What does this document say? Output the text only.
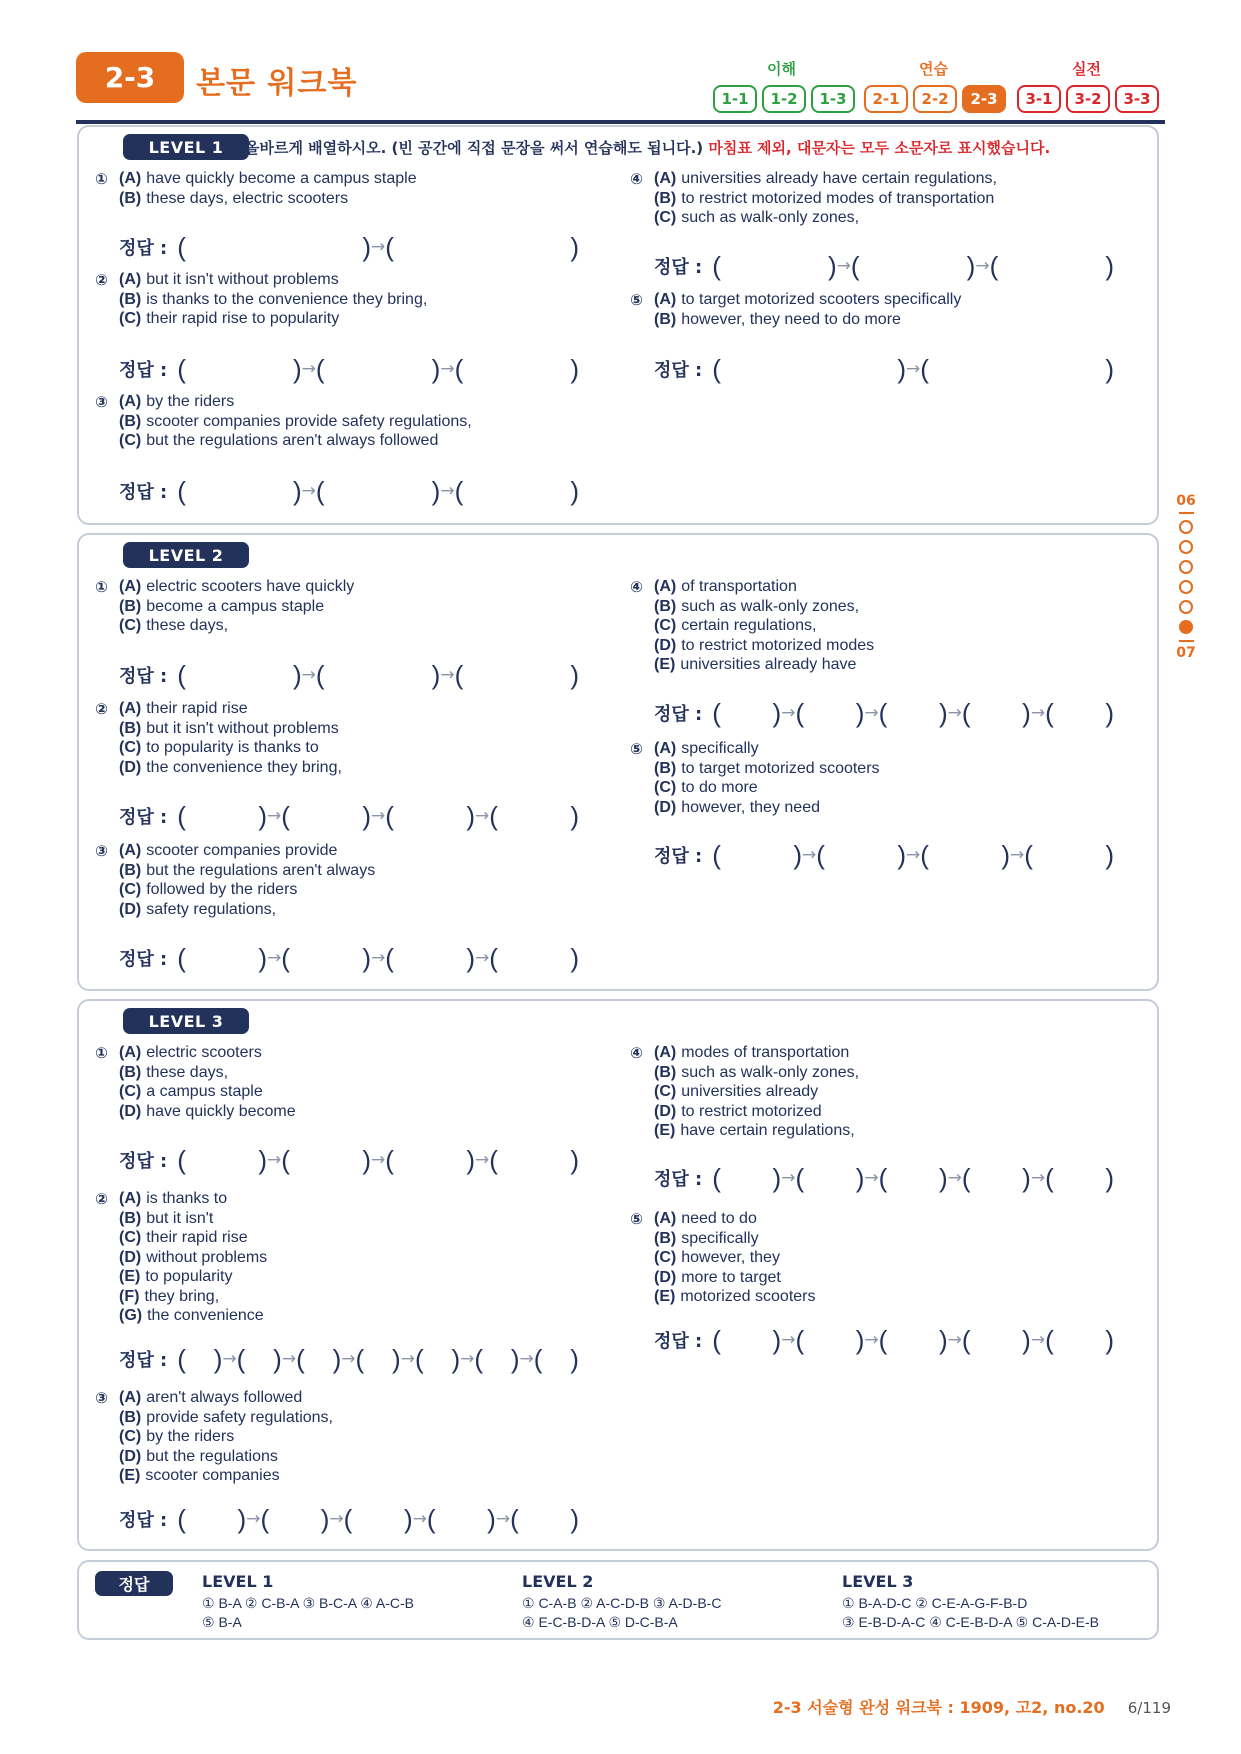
2-3	본문 워크북	이해
1-1	1-2	1-3
연습
2-1	2-2	2-3
실전
3-1	3-2	3-3
LEVEL 1	올바르게 배열하시오. (빈 공간에 직접 문장을 써서 연습해도 됩니다.) 마침표 제외, 대문자는 모두 소문자로 표시했습니다.
LEVEL 2
LEVEL 3
정답	LEVEL 1
① B-A ② C-B-A ③ B-C-A ④ A-C-B
⑤ B-A
LEVEL 2
① C-A-B ② A-C-D-B ③ A-D-B-C
④ E-C-B-D-A ⑤ D-C-B-A
LEVEL 3
① B-A-D-C ② C-E-A-G-F-B-D
③ E-B-D-A-C ④ C-E-B-D-A ⑤ C-A-D-E-B
06
07
2-3 서술형 완성 워크북 : 1909, 고2, no.20 6/119
① (A) have quickly become a campus staple
(B) these days, electric scooters
정답 : (	) → (	)
② (A) but it isn't without problems
(B) is thanks to the convenience they bring,
(C) their rapid rise to popularity
정답 : (	) → (	) → (	)
③ (A) by the riders
(B) scooter companies provide safety regulations,
(C) but the regulations aren't always followed
정답 : (	) → (	) → (	)
④ (A) universities already have certain regulations,
(B) to restrict motorized modes of transportation
(C) such as walk-only zones,
정답 : (	) → (	) → (	)
⑤ (A) to target motorized scooters specifically
(B) however, they need to do more
정답 : (	) → (	)
① (A) electric scooters have quickly
(B) become a campus staple
(C) these days,
정답 : (	) → (	) → (	)
② (A) their rapid rise
(B) but it isn't without problems
(C) to popularity is thanks to
(D) the convenience they bring,
정답 : (	) → (	) → (	) → (	)
③ (A) scooter companies provide
(B) but the regulations aren't always
(C) followed by the riders
(D) safety regulations,
정답 : (	) → (	) → (	) → (	)
④ (A) of transportation
(B) such as walk-only zones,
(C) certain regulations,
(D) to restrict motorized modes
(E) universities already have
정답 : ( ) → ( ) → ( ) → ( ) → ( )
⑤ (A) specifically
(B) to target motorized scooters
(C) to do more
(D) however, they need
정답 : (	) → (	) → (	) → (	)
① (A) electric scooters
(B) these days,
(C) a campus staple
(D) have quickly become
정답 : (	) → (	) → (	) → (	)
② (A) is thanks to
(B) but it isn't
(C) their rapid rise
(D) without problems
(E) to popularity
(F) they bring,
(G) the convenience
정답 : ( ) → ( ) → ( ) → ( ) → ( ) → ( ) → ( )
③ (A) aren't always followed
(B) provide safety regulations,
(C) by the riders
(D) but the regulations
(E) scooter companies
정답 : ( ) → ( ) → ( ) → ( ) → ( )
④ (A) modes of transportation
(B) such as walk-only zones,
(C) universities already
(D) to restrict motorized
(E) have certain regulations,
정답 : ( ) → ( ) → ( ) → ( ) → ( )
⑤ (A) need to do
(B) specifically
(C) however, they
(D) more to target
(E) motorized scooters
정답 : ( ) → ( ) → ( ) → ( ) → ( )
